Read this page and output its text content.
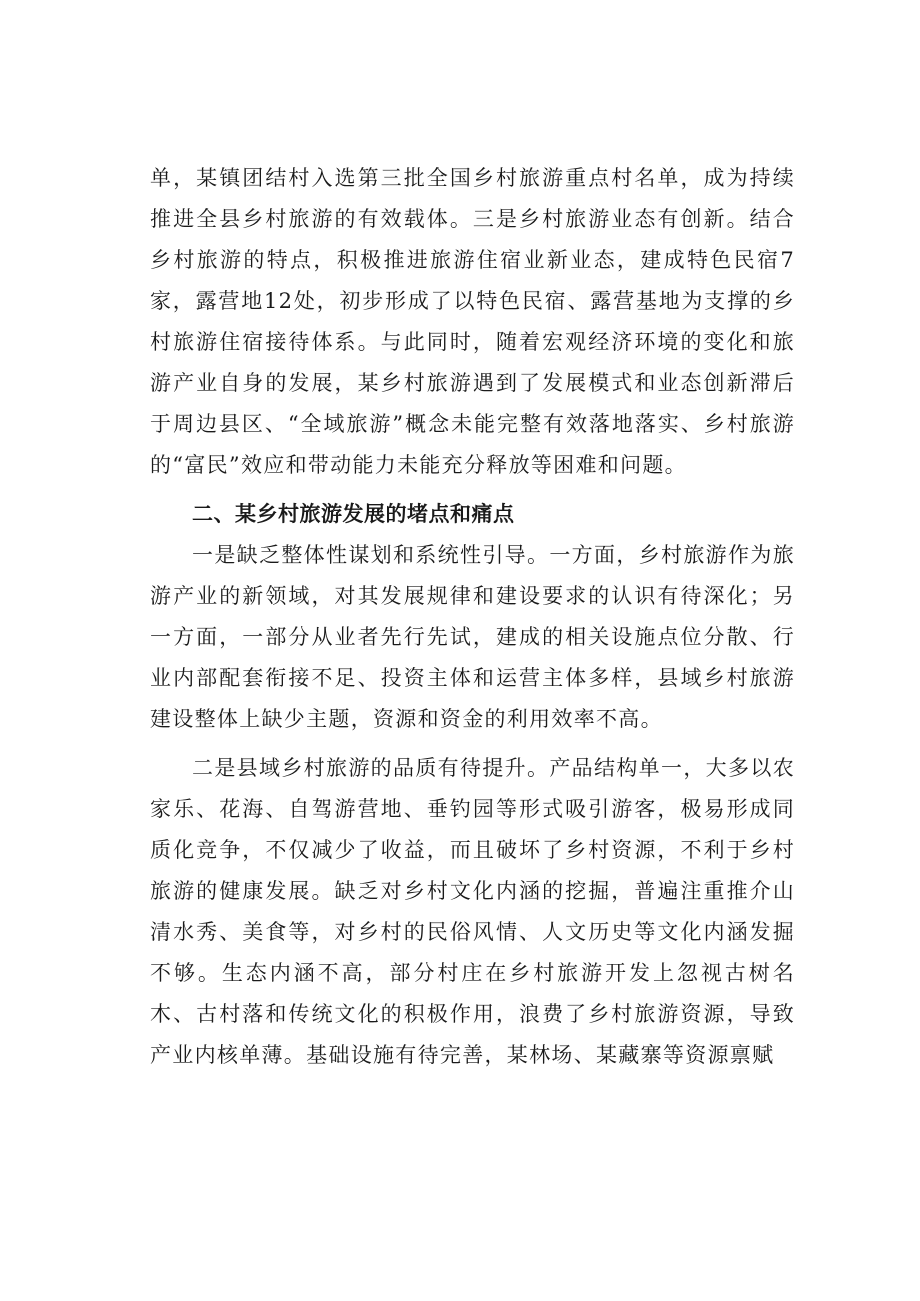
单，某镇团结村入选第三批全国乡村旅游重点村名单，成为持续推进全县乡村旅游的有效载体。三是乡村旅游业态有创新。结合乡村旅游的特点，积极推进旅游住宿业新业态，建成特色民宿7家，露营地12处，初步形成了以特色民宿、露营基地为支撑的乡村旅游住宿接待体系。与此同时，随着宏观经济环境的变化和旅游产业自身的发展，某乡村旅游遇到了发展模式和业态创新滞后于周边县区、“全域旅游”概念未能完整有效落地落实、乡村旅游的“富民”效应和带动能力未能充分释放等困难和问题。

二、某乡村旅游发展的堵点和痛点

一是缺乏整体性谋划和系统性引导。一方面，乡村旅游作为旅游产业的新领域，对其发展规律和建设要求的认识有待深化；另一方面，一部分从业者先行先试，建成的相关设施点位分散、行业内部配套衔接不足、投资主体和运营主体多样，县域乡村旅游建设整体上缺少主题，资源和资金的利用效率不高。

二是县域乡村旅游的品质有待提升。产品结构单一，大多以农家乐、花海、自驾游营地、垂钓园等形式吸引游客，极易形成同质化竞争，不仅减少了收益，而且破坏了乡村资源，不利于乡村旅游的健康发展。缺乏对乡村文化内涵的挖掘，普遍注重推介山清水秀、美食等，对乡村的民俗风情、人文历史等文化内涵发掘不够。生态内涵不高，部分村庄在乡村旅游开发上忽视古树名木、古村落和传统文化的积极作用，浪费了乡村旅游资源，导致产业内核单薄。基础设施有待完善，某林场、某藏寨等资源禀赋
